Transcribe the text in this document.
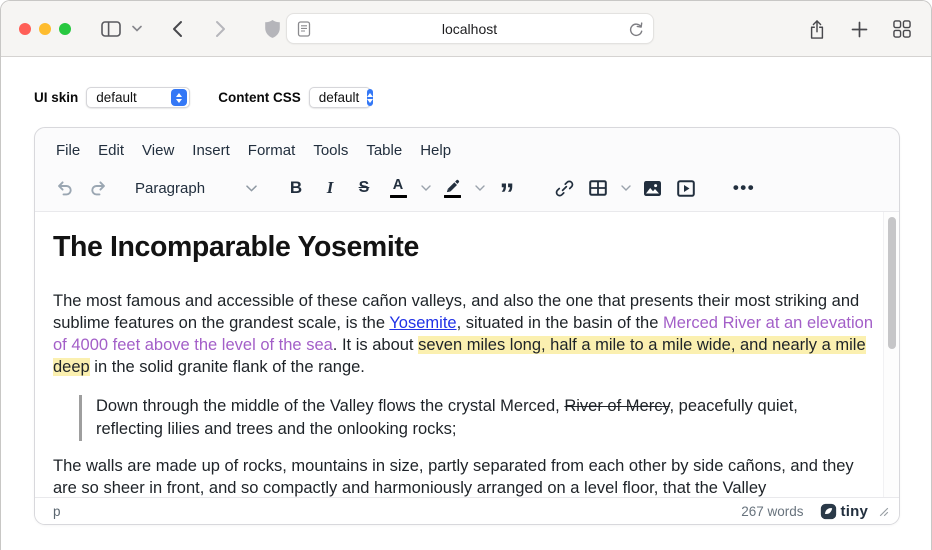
localhost
UI skin default	Content CSS default
File	Edit	View	Insert	Format	Tools	Table	Help
Paragraph	B I S A	”	•••
The Incomparable Yosemite

The most famous and accessible of these cañon valleys, and also the one that presents their most striking and
sublime features on the grandest scale, is the Yosemite, situated in the basin of the Merced River at an elevation
of 4000 feet above the level of the sea. It is about seven miles long, half a mile to a mile wide, and nearly a mile
deep in the solid granite flank of the range.

Down through the middle of the Valley flows the crystal Merced, River of Mercy, peacefully quiet,
reflecting lilies and trees and the onlooking rocks;

The walls are made up of rocks, mountains in size, partly separated from each other by side cañons, and they
are so sheer in front, and so compactly and harmoniously arranged on a level floor, that the Valley

p	267 words tiny
